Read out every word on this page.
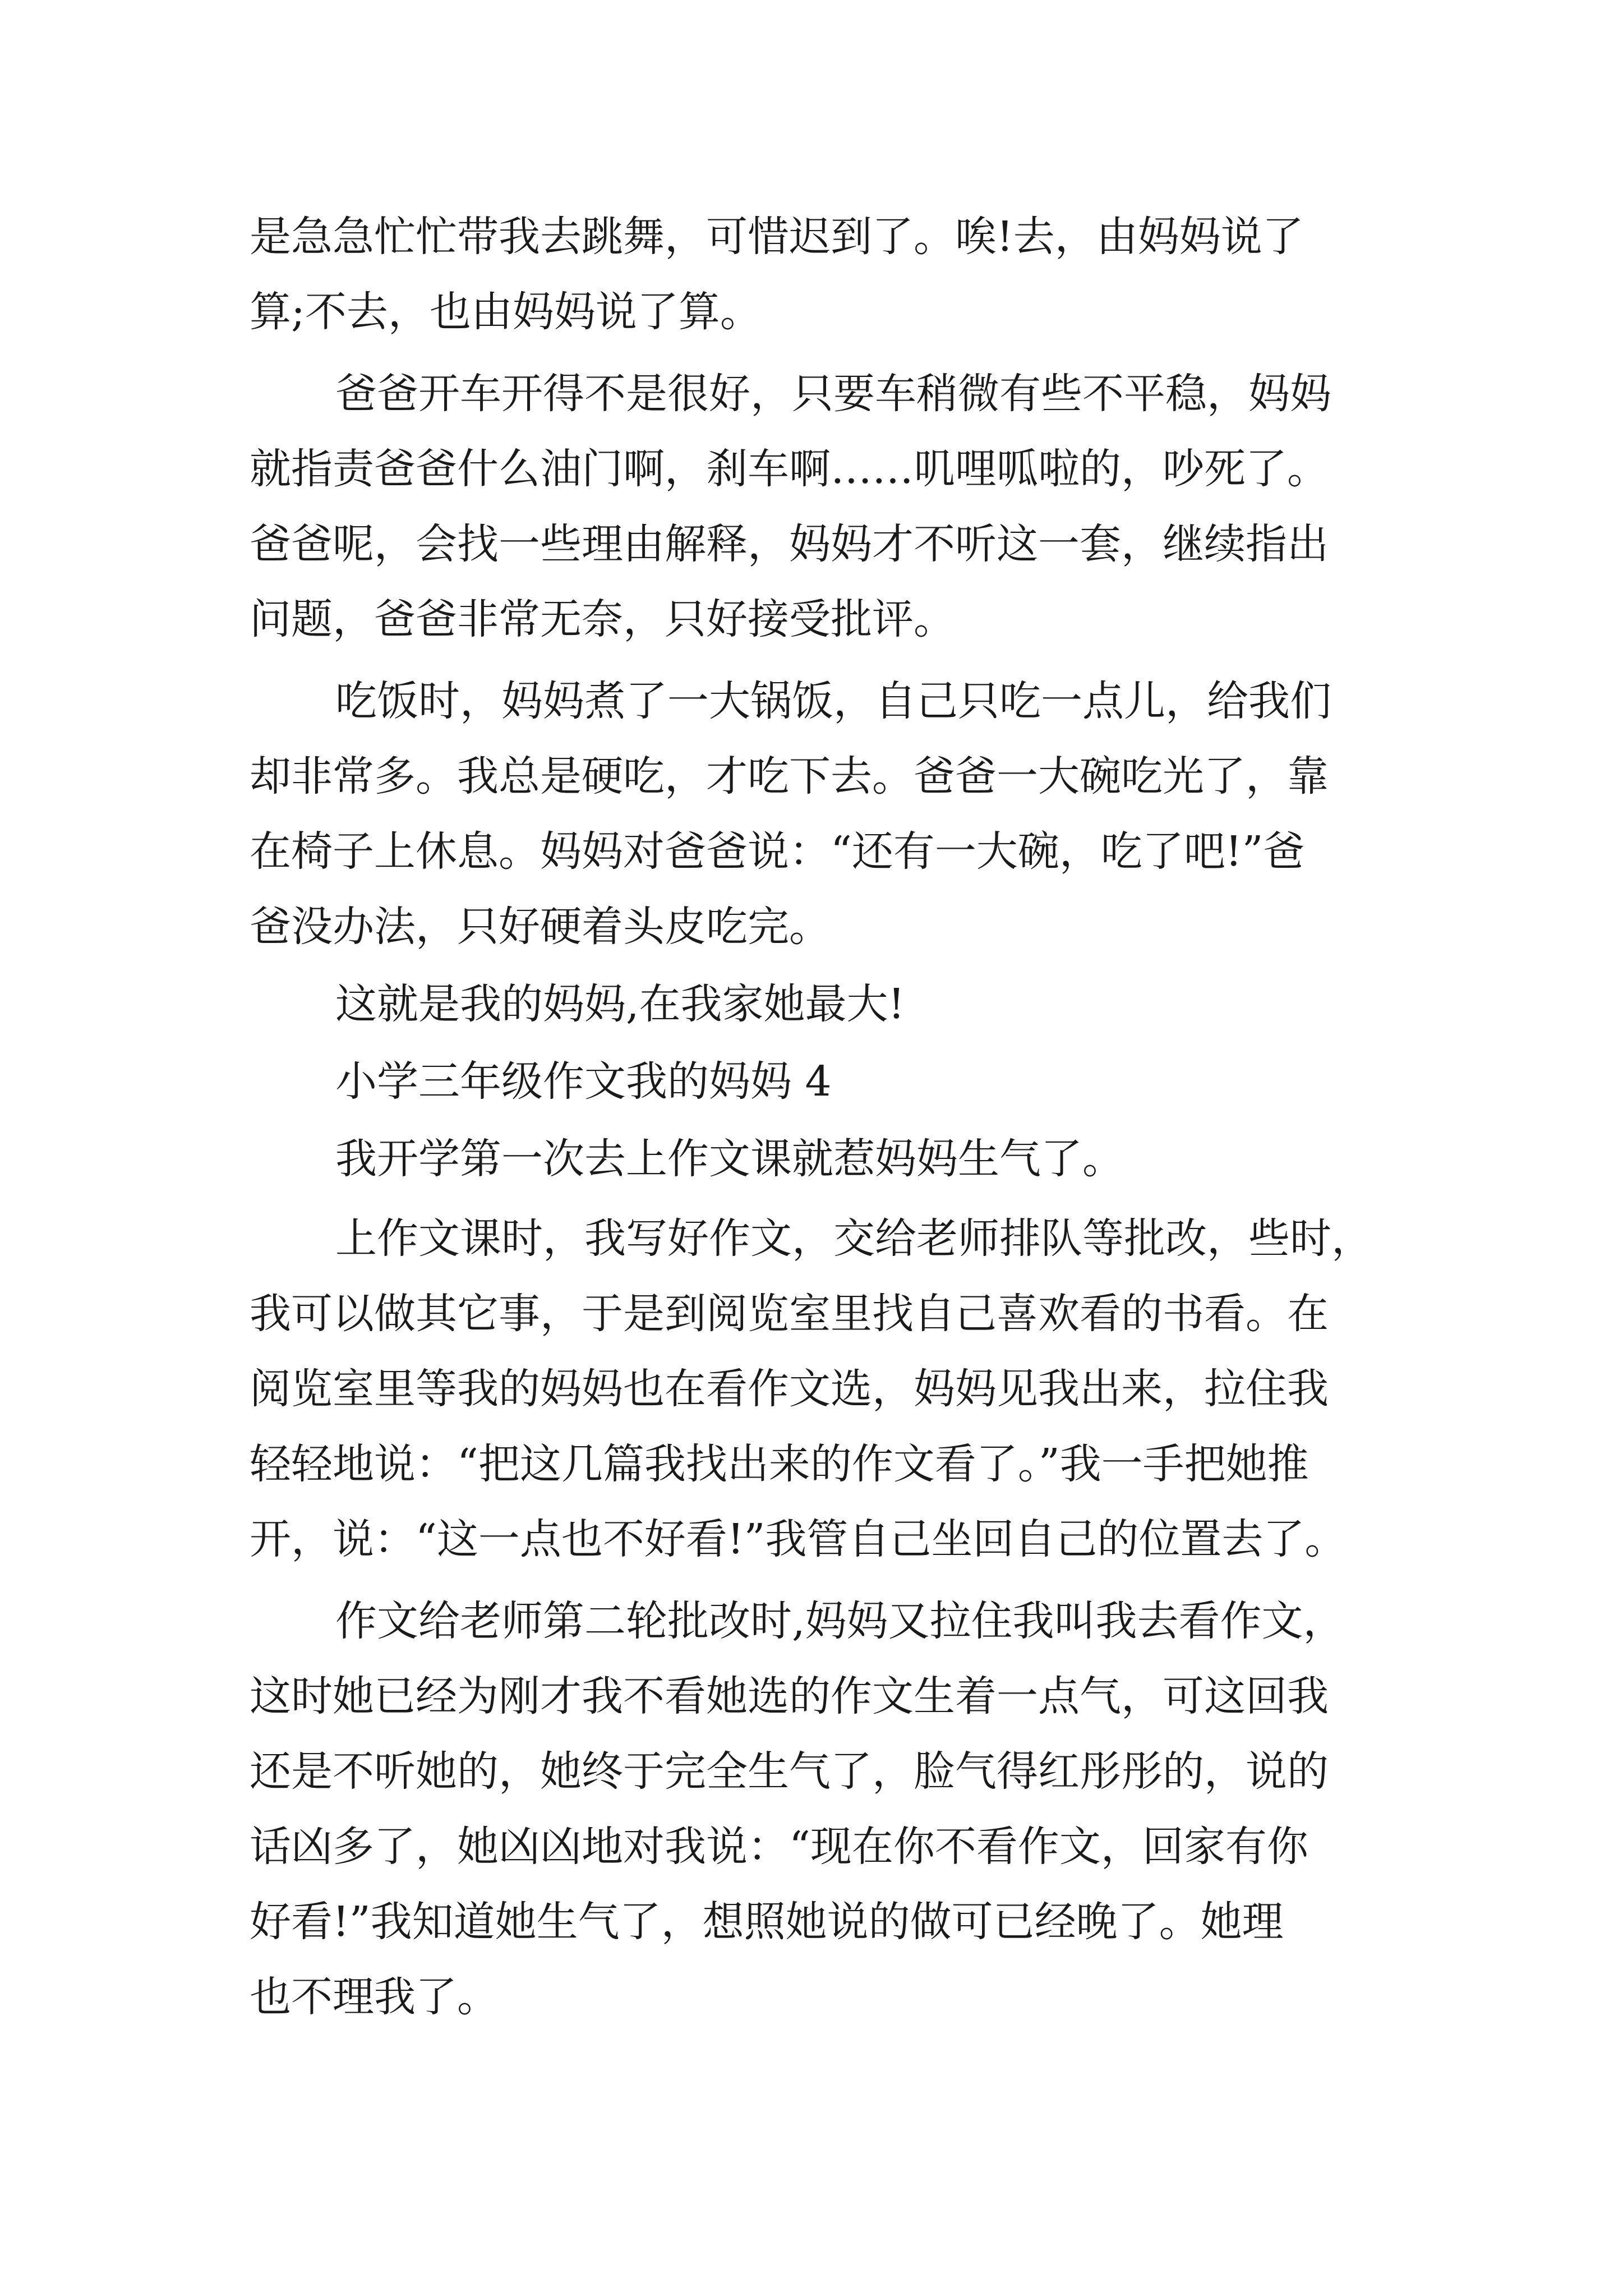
是急急忙忙带我去跳舞，可惜迟到了。唉!去，由妈妈说了

算;不去，也由妈妈说了算。

爸爸开车开得不是很好，只要车稍微有些不平稳，妈妈

就指责爸爸什么油门啊，刹车啊……叽哩呱啦的，吵死了。

爸爸呢，会找一些理由解释，妈妈才不听这一套，继续指出

问题，爸爸非常无奈，只好接受批评。

吃饭时，妈妈煮了一大锅饭，自己只吃一点儿，给我们

却非常多。我总是硬吃，才吃下去。爸爸一大碗吃光了，靠

在椅子上休息。妈妈对爸爸说：“还有一大碗，吃了吧!”爸

爸没办法，只好硬着头皮吃完。

这就是我的妈妈,在我家她最大!

小学三年级作文我的妈妈 4

我开学第一次去上作文课就惹妈妈生气了。

上作文课时，我写好作文，交给老师排队等批改，些时，

我可以做其它事，于是到阅览室里找自己喜欢看的书看。在

阅览室里等我的妈妈也在看作文选，妈妈见我出来，拉住我

轻轻地说：“把这几篇我找出来的作文看了。”我一手把她推

开，说：“这一点也不好看!”我管自己坐回自己的位置去了。

作文给老师第二轮批改时,妈妈又拉住我叫我去看作文，

这时她已经为刚才我不看她选的作文生着一点气，可这回我

还是不听她的，她终于完全生气了，脸气得红彤彤的，说的

话凶多了，她凶凶地对我说：“现在你不看作文，回家有你

好看!”我知道她生气了，想照她说的做可已经晚了。她理

也不理我了。
